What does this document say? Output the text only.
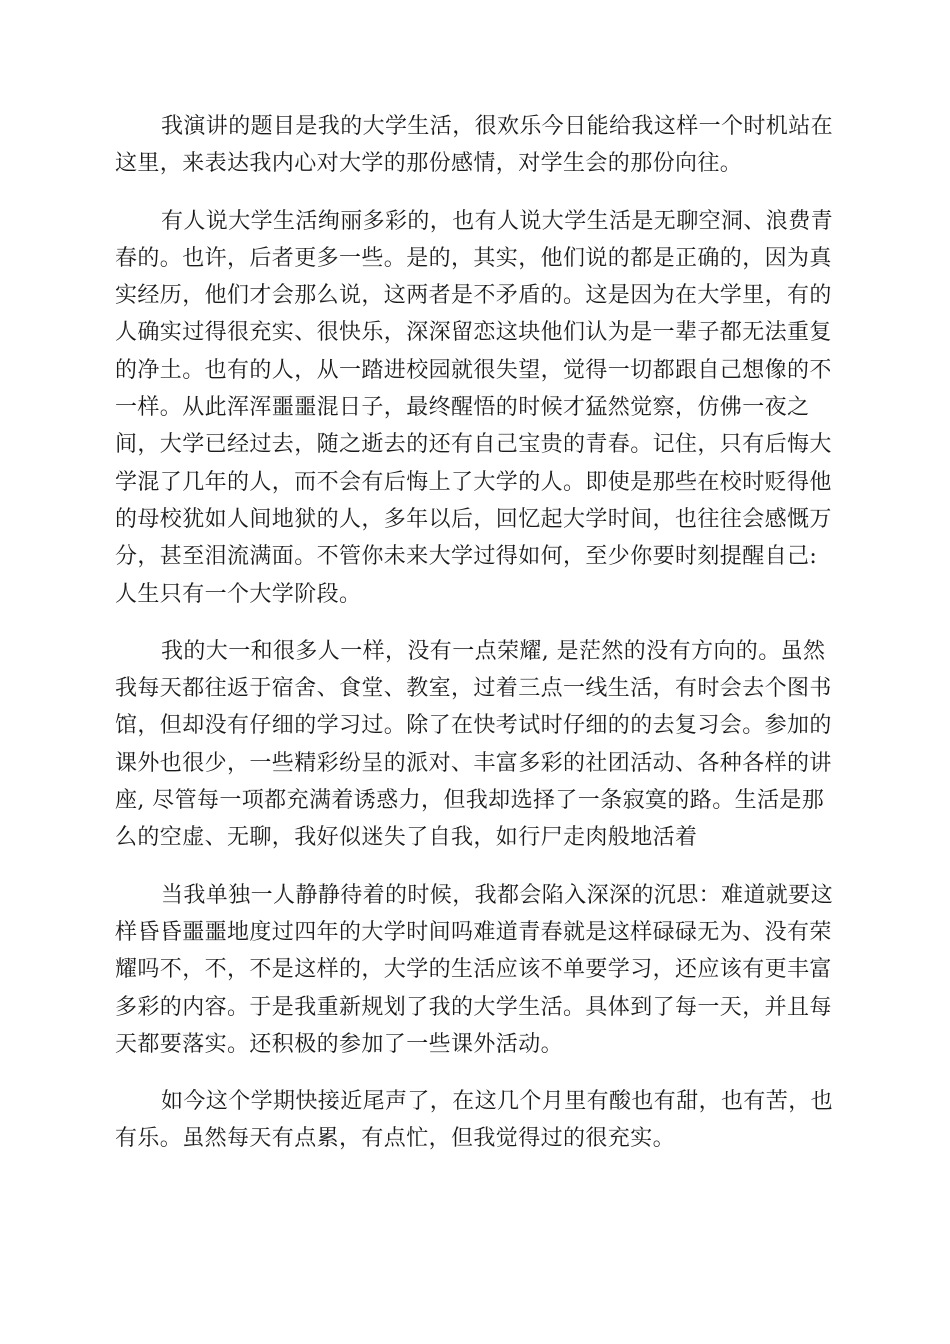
我演讲的题目是我的大学生活，很欢乐今日能给我这样一个时机站在
这里，来表达我内心对大学的那份感情，对学生会的那份向往。
有人说大学生活绚丽多彩的，也有人说大学生活是无聊空洞、浪费青
春的。也许，后者更多一些。是的，其实，他们说的都是正确的，因为真
实经历，他们才会那么说，这两者是不矛盾的。这是因为在大学里，有的
人确实过得很充实、很快乐，深深留恋这块他们认为是一辈子都无法重复
的净土。也有的人，从一踏进校园就很失望，觉得一切都跟自己想像的不
一样。从此浑浑噩噩混日子，最终醒悟的时候才猛然觉察，仿佛一夜之
间，大学已经过去，随之逝去的还有自己宝贵的青春。记住，只有后悔大
学混了几年的人，而不会有后悔上了大学的人。即使是那些在校时贬得他
的母校犹如人间地狱的人，多年以后，回忆起大学时间，也往往会感慨万
分，甚至泪流满面。不管你未来大学过得如何，至少你要时刻提醒自己:
人生只有一个大学阶段。
我的大一和很多人一样，没有一点荣耀, 是茫然的没有方向的。虽然
我每天都往返于宿舍、食堂、教室，过着三点一线生活，有时会去个图书
馆，但却没有仔细的学习过。除了在快考试时仔细的的去复习会。参加的
课外也很少，一些精彩纷呈的派对、丰富多彩的社团活动、各种各样的讲
座, 尽管每一项都充满着诱惑力，但我却选择了一条寂寞的路。生活是那
么的空虚、无聊，我好似迷失了自我，如行尸走肉般地活着
当我单独一人静静待着的时候，我都会陷入深深的沉思：难道就要这
样昏昏噩噩地度过四年的大学时间吗难道青春就是这样碌碌无为、没有荣
耀吗不，不，不是这样的，大学的生活应该不单要学习，还应该有更丰富
多彩的内容。于是我重新规划了我的大学生活。具体到了每一天，并且每
天都要落实。还积极的参加了一些课外活动。
如今这个学期快接近尾声了，在这几个月里有酸也有甜，也有苦，也
有乐。虽然每天有点累，有点忙，但我觉得过的很充实。
